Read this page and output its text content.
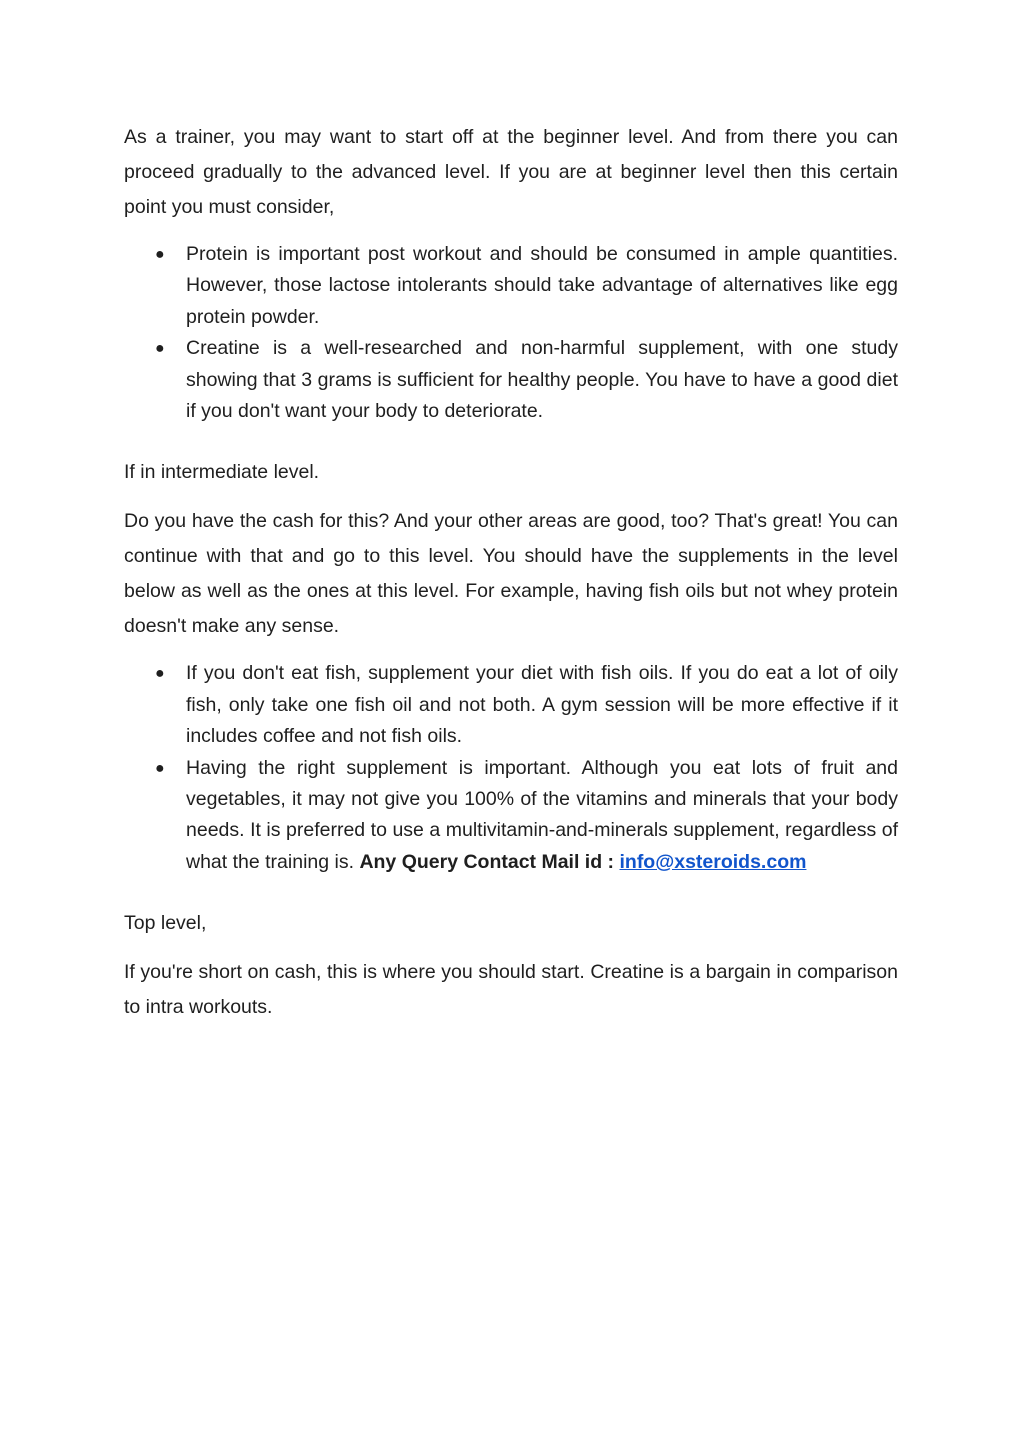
As a trainer, you may want to start off at the beginner level. And from there you can proceed gradually to the advanced level. If you are at beginner level then this certain point you must consider,

● Protein is important post workout and should be consumed in ample quantities. However, those lactose intolerants should take advantage of alternatives like egg protein powder.
● Creatine is a well-researched and non-harmful supplement, with one study showing that 3 grams is sufficient for healthy people. You have to have a good diet if you don't want your body to deteriorate.

If in intermediate level.

Do you have the cash for this? And your other areas are good, too? That's great! You can continue with that and go to this level. You should have the supplements in the level below as well as the ones at this level. For example, having fish oils but not whey protein doesn't make any sense.

● If you don't eat fish, supplement your diet with fish oils. If you do eat a lot of oily fish, only take one fish oil and not both. A gym session will be more effective if it includes coffee and not fish oils.
● Having the right supplement is important. Although you eat lots of fruit and vegetables, it may not give you 100% of the vitamins and minerals that your body needs. It is preferred to use a multivitamin-and-minerals supplement, regardless of what the training is. Any Query Contact Mail id : info@xsteroids.com

Top level,

If you're short on cash, this is where you should start. Creatine is a bargain in comparison to intra workouts.
